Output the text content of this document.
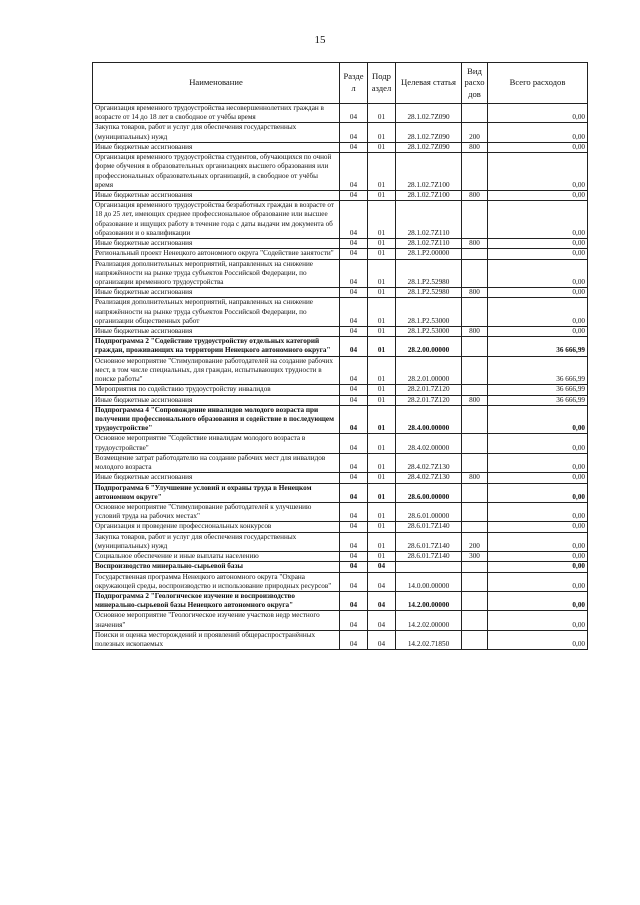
15
Наименование	Разде л	Подр аздел	Целевая статья	Вид расхо дов	Всего расходов
Организация временного трудоустройства несовершеннолетних граждан в возрасте от 14 до 18 лет в свободное от учёбы время	04	01	28.1.02.7Z090		0,00
Закупка товаров, работ и услуг для обеспечения государственных (муниципальных) нужд	04	01	28.1.02.7Z090	200	0,00
Иные бюджетные ассигнования	04	01	28.1.02.7Z090	800	0,00
Организация временного трудоустройства студентов, обучающихся по очной форме обучения в образовательных организациях высшего образования или профессиональных образовательных организаций, в свободное от учёбы время	04	01	28.1.02.7Z100		0,00
Иные бюджетные ассигнования	04	01	28.1.02.7Z100	800	0,00
Организация временного трудоустройства безработных граждан в возрасте от 18 до 25 лет, имеющих среднее профессиональное образование или высшее образование и ищущих работу в течение года с даты выдачи им документа об образовании и о квалификации	04	01	28.1.02.7Z110		0,00
Иные бюджетные ассигнования	04	01	28.1.02.7Z110	800	0,00
Региональный проект Ненецкого автономного округа "Содействие занятости"	04	01	28.1.P2.00000		0,00
Реализация дополнительных мероприятий, направленных на снижение напряжённости на рынке труда субъектов Российской Федерации, по организации временного трудоустройства	04	01	28.1.P2.52980		0,00
Иные бюджетные ассигнования	04	01	28.1.P2.52980	800	0,00
Реализация дополнительных мероприятий, направленных на снижение напряжённости на рынке труда субъектов Российской Федерации, по организации общественных работ	04	01	28.1.P2.53000		0,00
Иные бюджетные ассигнования	04	01	28.1.P2.53000	800	0,00
Подпрограмма 2 "Содействие трудоустройству отдельных категорий граждан, проживающих на территории Ненецкого автономного округа"	04	01	28.2.00.00000		36 666,99
Основное мероприятие "Стимулирование работодателей на создание рабочих мест, в том числе специальных, для граждан, испытывающих трудности в поиске работы"	04	01	28.2.01.00000		36 666,99
Мероприятия по содействию трудоустройству инвалидов	04	01	28.2.01.7Z120		36 666,99
Иные бюджетные ассигнования	04	01	28.2.01.7Z120	800	36 666,99
Подпрограмма 4 "Сопровождение инвалидов молодого возраста при получении профессионального образования и содействие в последующем трудоустройстве"	04	01	28.4.00.00000		0,00
Основное мероприятие "Содействие инвалидам молодого возраста в трудоустройстве"	04	01	28.4.02.00000		0,00
Возмещение затрат работодателю на создание рабочих мест для инвалидов молодого возраста	04	01	28.4.02.7Z130		0,00
Иные бюджетные ассигнования	04	01	28.4.02.7Z130	800	0,00
Подпрограмма 6 "Улучшение условий и охраны труда в Ненецком автономном округе"	04	01	28.6.00.00000		0,00
Основное мероприятие "Стимулирование работодателей к улучшению условий труда на рабочих местах"	04	01	28.6.01.00000		0,00
Организация и проведение профессиональных конкурсов	04	01	28.6.01.7Z140		0,00
Закупка товаров, работ и услуг для обеспечения государственных (муниципальных) нужд	04	01	28.6.01.7Z140	200	0,00
Социальное обеспечение и иные выплаты населению	04	01	28.6.01.7Z140	300	0,00
Воспроизводство минерально-сырьевой базы	04	04			0,00
Государственная программа Ненецкого автономного округа "Охрана окружающей среды, воспроизводство и использование природных ресурсов"	04	04	14.0.00.00000		0,00
Подпрограмма 2 "Геологическое изучение и воспроизводство минерально-сырьевой базы Ненецкого автономного округа"	04	04	14.2.00.00000		0,00
Основное мероприятие "Геологическое изучение участков недр местного значения"	04	04	14.2.02.00000		0,00
Поиски и оценка месторождений и проявлений общераспространённых полезных ископаемых	04	04	14.2.02.71850		0,00
